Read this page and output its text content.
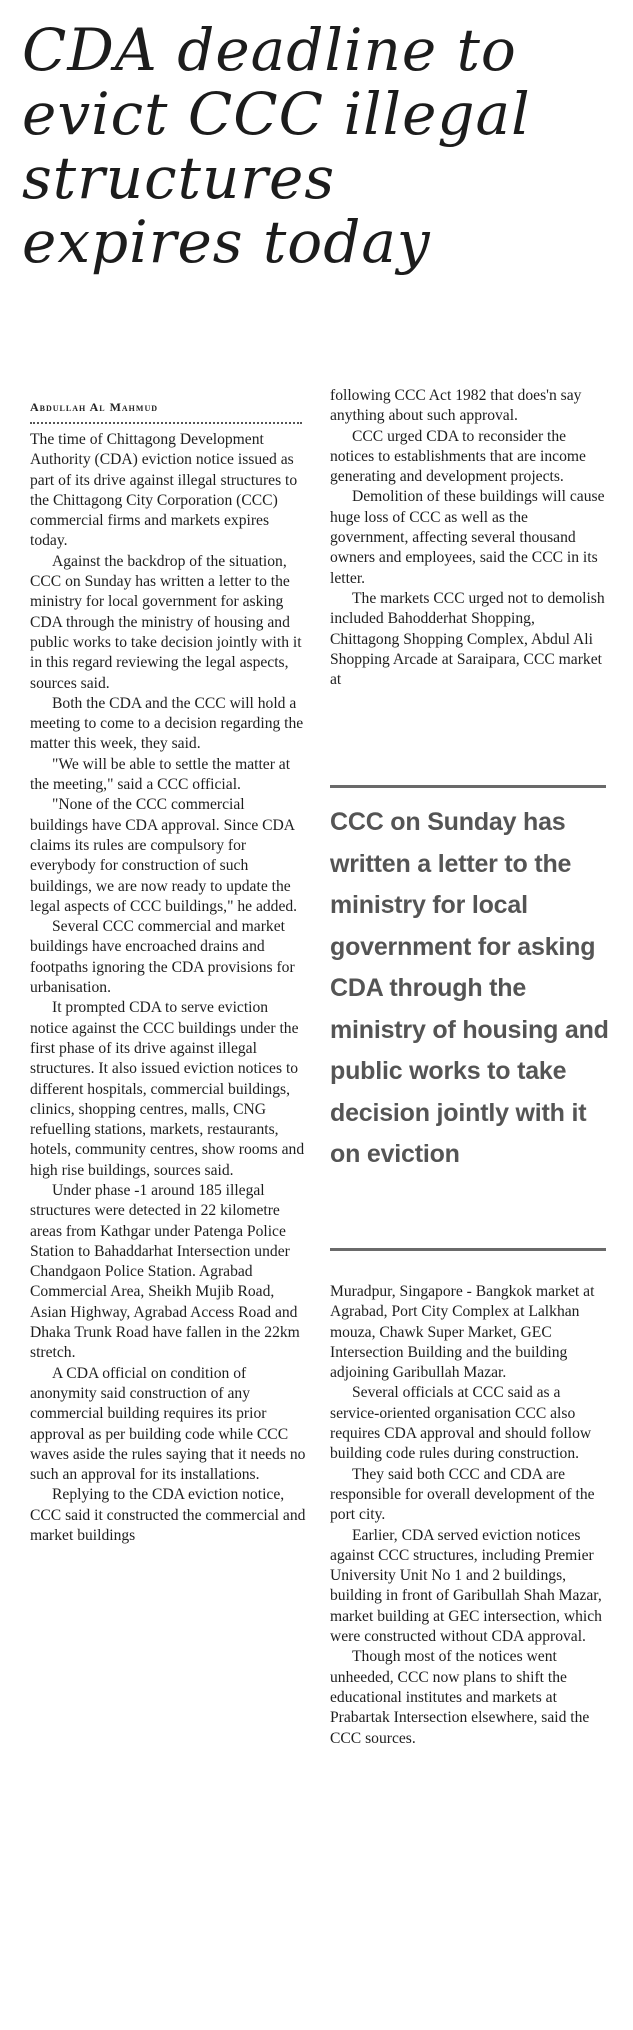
CDA deadline to
evict CCC illegal
structures
expires today
Abdullah Al Mahmud

The time of Chittagong Development Authority (CDA) eviction notice issued as part of its drive against illegal structures to the Chittagong City Corporation (CCC) commercial firms and markets expires today.

Against the backdrop of the situation, CCC on Sunday has written a letter to the ministry for local government for asking CDA through the ministry of housing and public works to take decision jointly with it in this regard reviewing the legal aspects, sources said.

Both the CDA and the CCC will hold a meeting to come to a decision regarding the matter this week, they said.

"We will be able to settle the matter at the meeting," said a CCC official.

"None of the CCC commercial buildings have CDA approval. Since CDA claims its rules are compulsory for everybody for construction of such buildings, we are now ready to update the legal aspects of CCC buildings," he added.

Several CCC commercial and market buildings have encroached drains and footpaths ignoring the CDA provisions for urbanisation.

It prompted CDA to serve eviction notice against the CCC buildings under the first phase of its drive against illegal structures. It also issued eviction notices to different hospitals, commercial buildings, clinics, shopping centres, malls, CNG refuelling stations, markets, restaurants, hotels, community centres, show rooms and high rise buildings, sources said.

Under phase -1 around 185 illegal structures were detected in 22 kilometre areas from Kathgar under Patenga Police Station to Bahaddarhat Intersection under Chandgaon Police Station. Agrabad Commercial Area, Sheikh Mujib Road, Asian Highway, Agrabad Access Road and Dhaka Trunk Road have fallen in the 22km stretch.

A CDA official on condition of anonymity said construction of any commercial building requires its prior approval as per building code while CCC waves aside the rules saying that it needs no such an approval for its installations.

Replying to the CDA eviction notice, CCC said it constructed the commercial and market buildings

following CCC Act 1982 that does'n say anything about such approval.

CCC urged CDA to reconsider the notices to establishments that are income generating and development projects.

Demolition of these buildings will cause huge loss of CCC as well as the government, affecting several thousand owners and employees, said the CCC in its letter.

The markets CCC urged not to demolish included Bahodderhat Shopping, Chittagong Shopping Complex, Abdul Ali Shopping Arcade at Saraipara, CCC market at

CCC on Sunday has written a letter to the ministry for local government for asking CDA through the ministry of housing and public works to take decision jointly with it on eviction

Muradpur, Singapore - Bangkok market at Agrabad, Port City Complex at Lalkhan mouza, Chawk Super Market, GEC Intersection Building and the building adjoining Garibullah Mazar.

Several officials at CCC said as a service-oriented organisation CCC also requires CDA approval and should follow building code rules during construction.

They said both CCC and CDA are responsible for overall development of the port city.

Earlier, CDA served eviction notices against CCC structures, including Premier University Unit No 1 and 2 buildings, building in front of Garibullah Shah Mazar, market building at GEC intersection, which were constructed without CDA approval.

Though most of the notices went unheeded, CCC now plans to shift the educational institutes and markets at Prabartak Intersection elsewhere, said the CCC sources.
